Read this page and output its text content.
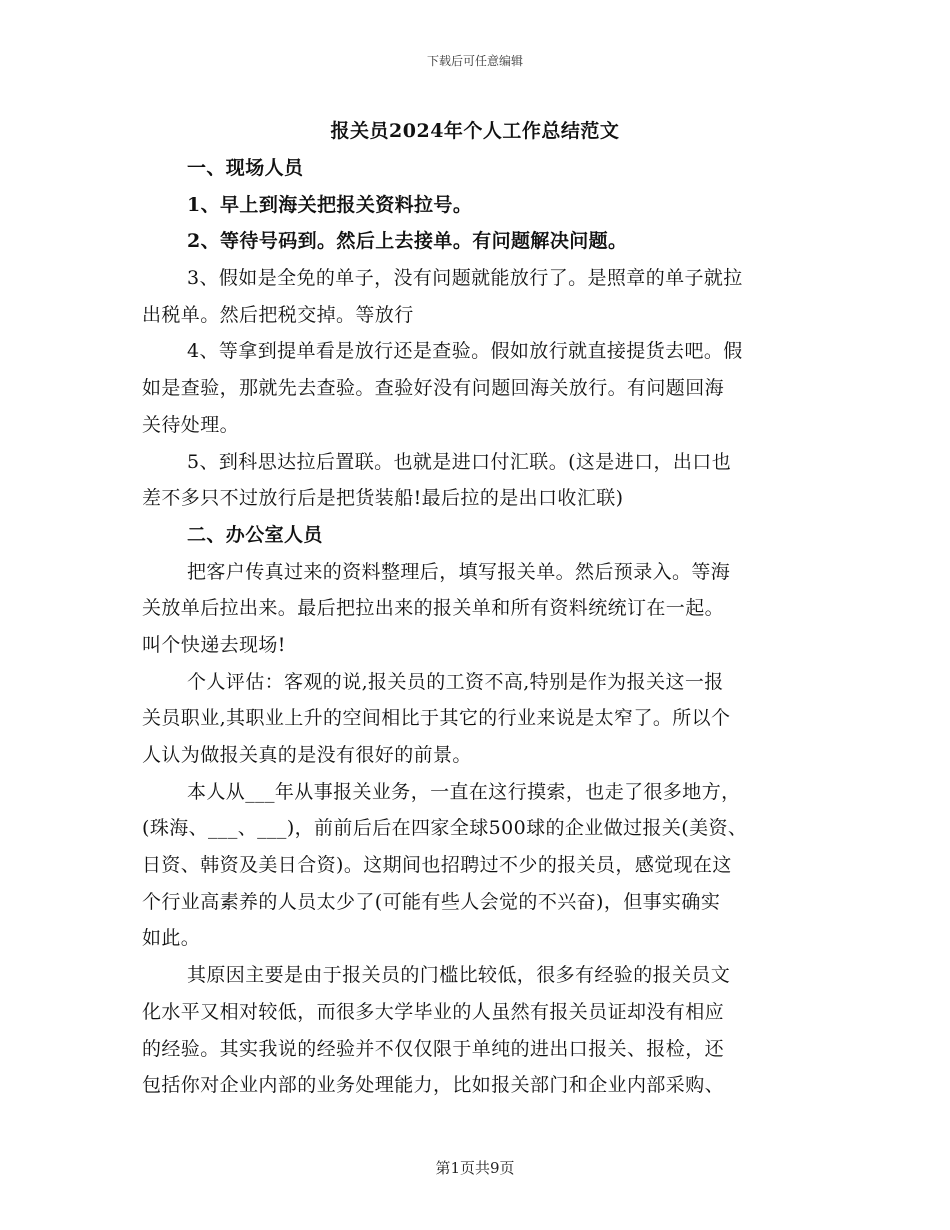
下载后可任意编辑
报关员2024年个人工作总结范文
一、现场人员
1、早上到海关把报关资料拉号。
2、等待号码到。然后上去接单。有问题解决问题。
3、假如是全免的单子，没有问题就能放行了。是照章的单子就拉
出税单。然后把税交掉。等放行
4、等拿到提单看是放行还是查验。假如放行就直接提货去吧。假
如是查验，那就先去查验。查验好没有问题回海关放行。有问题回海
关待处理。
5、到科思达拉后置联。也就是进口付汇联。(这是进口，出口也
差不多只不过放行后是把货装船!最后拉的是出口收汇联)
二、办公室人员
把客户传真过来的资料整理后，填写报关单。然后预录入。等海
关放单后拉出来。最后把拉出来的报关单和所有资料统统订在一起。
叫个快递去现场!
个人评估：客观的说,报关员的工资不高,特别是作为报关这一报
关员职业,其职业上升的空间相比于其它的行业来说是太窄了。所以个
人认为做报关真的是没有很好的前景。
本人从___年从事报关业务，一直在这行摸索，也走了很多地方，
(珠海、___、___)，前前后后在四家全球500球的企业做过报关(美资、
日资、韩资及美日合资)。这期间也招聘过不少的报关员，感觉现在这
个行业高素养的人员太少了(可能有些人会觉的不兴奋)，但事实确实
如此。
其原因主要是由于报关员的门槛比较低，很多有经验的报关员文
化水平又相对较低，而很多大学毕业的人虽然有报关员证却没有相应
的经验。其实我说的经验并不仅仅限于单纯的进出口报关、报检，还
包括你对企业内部的业务处理能力，比如报关部门和企业内部采购、
第1页共9页
